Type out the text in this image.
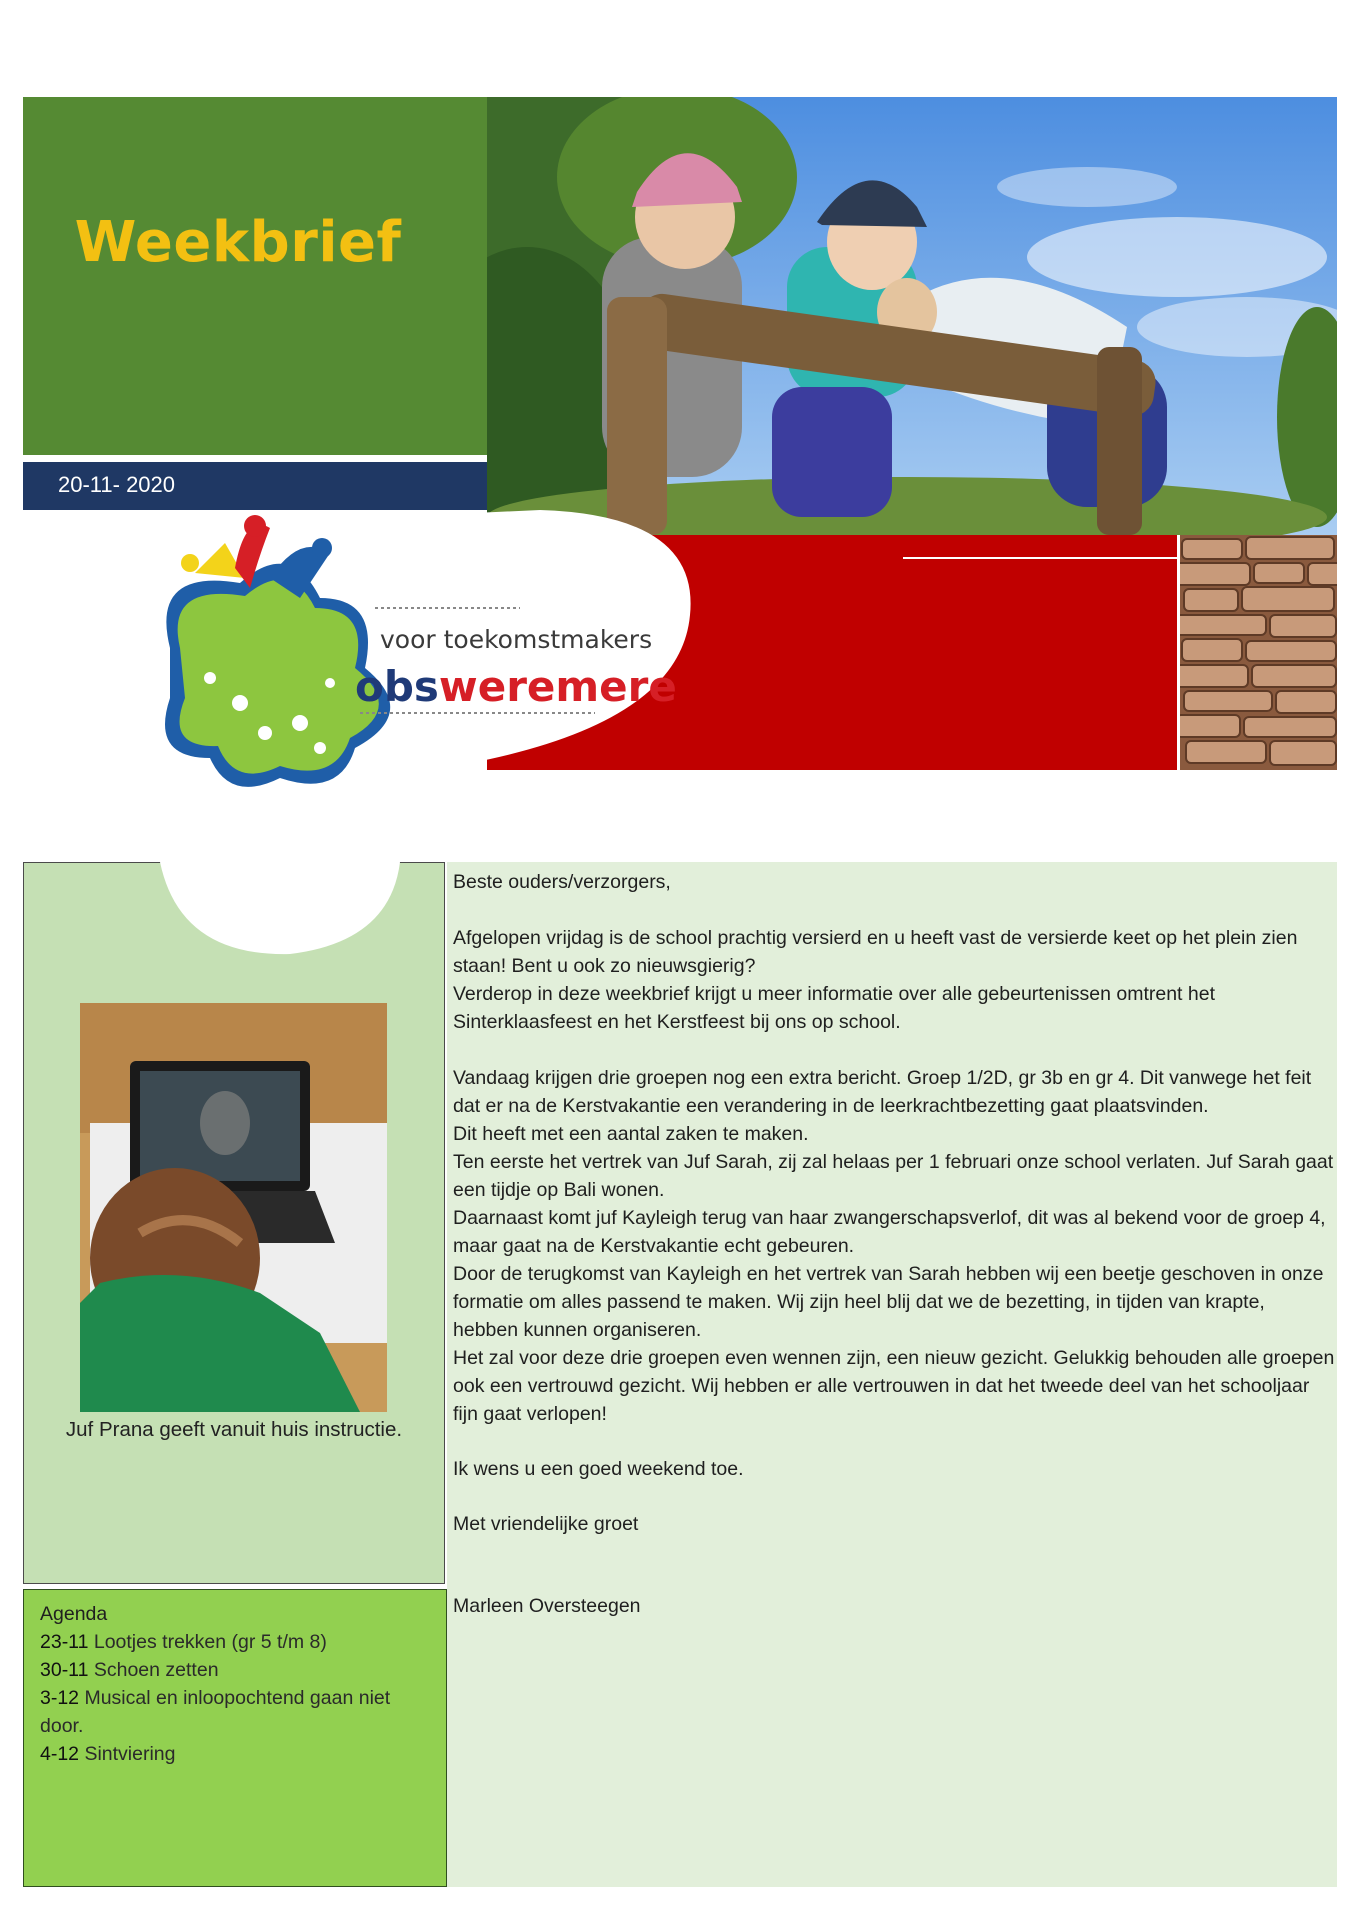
Weekbrief
20-11- 2020
voor toekomstmakers
obsweremere
Juf Prana geeft vanuit huis instructie.
Agenda
23-11 Lootjes trekken (gr 5 t/m 8)
30-11 Schoen zetten
3-12 Musical en inloopochtend gaan niet door.
4-12 Sintviering

Beste ouders/verzorgers,

Afgelopen vrijdag is de school prachtig versierd en u heeft vast de versierde keet op het plein zien staan! Bent u ook zo nieuwsgierig?

Verderop in deze weekbrief krijgt u meer informatie over alle gebeurtenissen omtrent het Sinterklaasfeest en het Kerstfeest bij ons op school.

Vandaag krijgen drie groepen nog een extra bericht. Groep 1/2D, gr 3b en gr 4. Dit vanwege het feit dat er na de Kerstvakantie een verandering in de leerkrachtbezetting gaat plaatsvinden.

Dit heeft met een aantal zaken te maken.

Ten eerste het vertrek van Juf Sarah, zij zal helaas per 1 februari onze school verlaten. Juf Sarah gaat een tijdje op Bali wonen.

Daarnaast komt juf Kayleigh terug van haar zwangerschapsverlof, dit was al bekend voor de groep 4, maar gaat na de Kerstvakantie echt gebeuren.

Door de terugkomst van Kayleigh en het vertrek van Sarah hebben wij een beetje geschoven in onze formatie om alles passend te maken. Wij zijn heel blij dat we de bezetting, in tijden van krapte, hebben kunnen organiseren.

Het zal voor deze drie groepen even wennen zijn, een nieuw gezicht. Gelukkig behouden alle groepen ook een vertrouwd gezicht. Wij hebben er alle vertrouwen in dat het tweede deel van het schooljaar fijn gaat verlopen!

Ik wens u een goed weekend toe.

Met vriendelijke groet

Marleen Oversteegen
